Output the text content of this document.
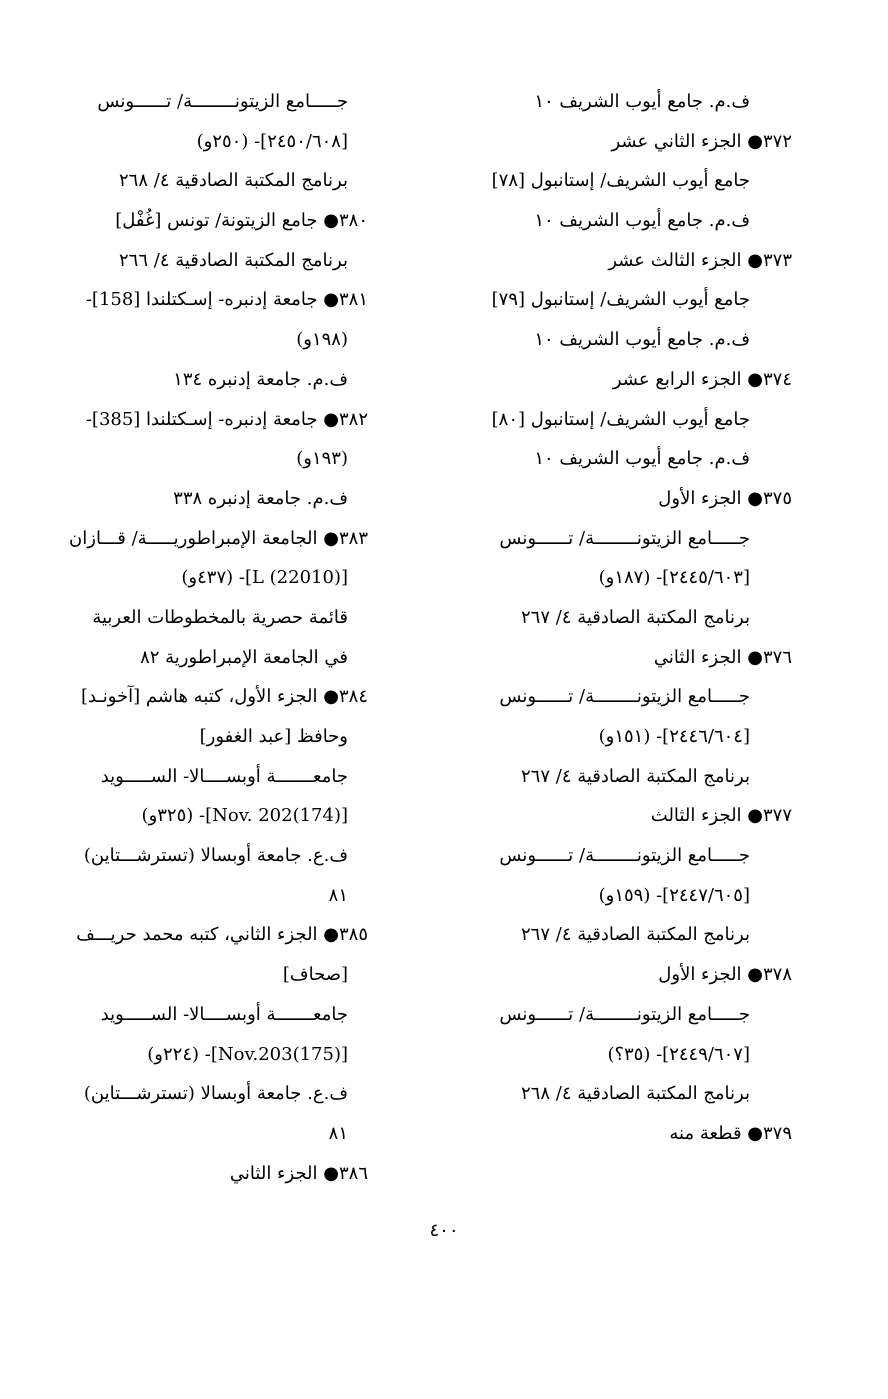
ف.م. جامع أيوب الشريف ١٠
٣٧٢● الجزء الثاني عشر
جامع أيوب الشريف/ إستانبول [٧٨]
ف.م. جامع أيوب الشريف ١٠
٣٧٣● الجزء الثالث عشر
جامع أيوب الشريف/ إستانبول [٧٩]
ف.م. جامع أيوب الشريف ١٠
٣٧٤● الجزء الرابع عشر
جامع أيوب الشريف/ إستانبول [٨٠]
ف.م. جامع أيوب الشريف ١٠
٣٧٥● الجزء الأول
جـــــامع الزيتونــــــــة/ تــــــونس
[٢٤٤٥/٦٠٣]- (١٨٧و)
برنامج المكتبة الصادقية ٤/ ٢٦٧
٣٧٦● الجزء الثاني
جـــــامع الزيتونــــــــة/ تــــــونس
[٢٤٤٦/٦٠٤]- (١٥١و)
برنامج المكتبة الصادقية ٤/ ٢٦٧
٣٧٧● الجزء الثالث
جـــــامع الزيتونــــــــة/ تــــــونس
[٢٤٤٧/٦٠٥]- (١٥٩و)
برنامج المكتبة الصادقية ٤/ ٢٦٧
٣٧٨● الجزء الأول
جـــــامع الزيتونــــــــة/ تــــــونس
[٢٤٤٩/٦٠٧]- (٣٥؟)
برنامج المكتبة الصادقية ٤/ ٢٦٨
٣٧٩● قطعة منه
جـــــامع الزيتونــــــــة/ تــــــونس
[٢٤٥٠/٦٠٨]- (٢٥٠و)
برنامج المكتبة الصادقية ٤/ ٢٦٨
٣٨٠● جامع الزيتونة/ تونس [غُفْل]
برنامج المكتبة الصادقية ٤/ ٢٦٦
٣٨١● جامعة إدنبره- إسـكتلندا [158]-
(١٩٨و)
ف.م. جامعة إدنبره ١٣٤
٣٨٢● جامعة إدنبره- إسـكتلندا [385]-
(١٩٣و)
ف.م. جامعة إدنبره ٣٣٨
٣٨٣● الجامعة الإمبراطوريـــــة/ قـــازان
[L (22010)]- (٤٣٧و)
قائمة حصرية بالمخطوطات العربية
في الجامعة الإمبراطورية ٨٢
٣٨٤● الجزء الأول، كتبه هاشم [آخونـد]
وحافظ [عبد الغفور]
جامعـــــــة أوبســــالا- الســـــويد
[(174)Nov. 202]- (٣٢٥و)
ف.ع. جامعة أوبسالا (تسترشـــتاين)
٨١
٣٨٥● الجزء الثاني، كتبه محمد حريـــف
[صحاف]
جامعـــــــة أوبســــالا- الســـــويد
[(175)Nov.203]- (٢٢٤و)
ف.ع. جامعة أوبسالا (تسترشـــتاين)
٨١
٣٨٦● الجزء الثاني
٤٠٠
